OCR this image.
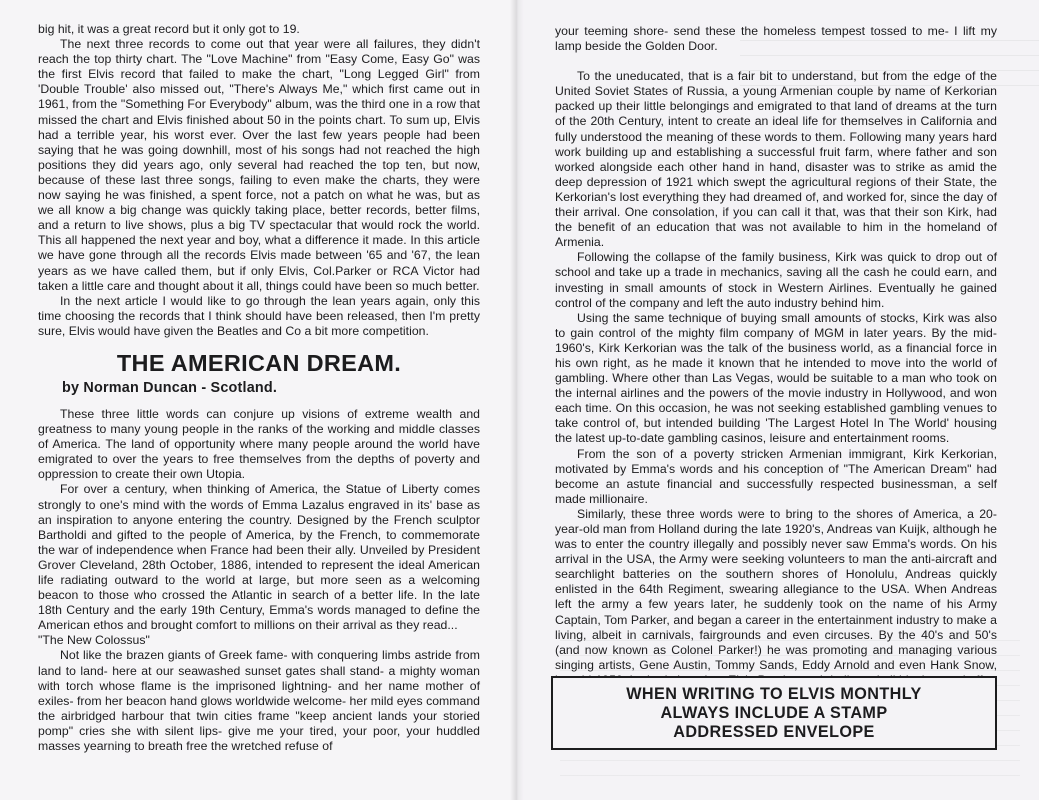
big hit, it was a great record but it only got to 19.

The next three records to come out that year were all failures, they didn't reach the top thirty chart. The "Love Machine" from "Easy Come, Easy Go" was the first Elvis record that failed to make the chart, "Long Legged Girl" from 'Double Trouble' also missed out, "There's Always Me," which first came out in 1961, from the "Something For Everybody" album, was the third one in a row that missed the chart and Elvis finished about 50 in the points chart. To sum up, Elvis had a terrible year, his worst ever. Over the last few years people had been saying that he was going downhill, most of his songs had not reached the high positions they did years ago, only several had reached the top ten, but now, because of these last three songs, failing to even make the charts, they were now saying he was finished, a spent force, not a patch on what he was, but as we all know a big change was quickly taking place, better records, better films, and a return to live shows, plus a big TV spectacular that would rock the world. This all happened the next year and boy, what a difference it made. In this article we have gone through all the records Elvis made between '65 and '67, the lean years as we have called them, but if only Elvis, Col.Parker or RCA Victor had taken a little care and thought about it all, things could have been so much better.

In the next article I would like to go through the lean years again, only this time choosing the records that I think should have been released, then I'm pretty sure, Elvis would have given the Beatles and Co a bit more competition.

THE AMERICAN DREAM.
by Norman Duncan - Scotland.

These three little words can conjure up visions of extreme wealth and greatness to many young people in the ranks of the working and middle classes of America. The land of opportunity where many people around the world have emigrated to over the years to free themselves from the depths of poverty and oppression to create their own Utopia.

For over a century, when thinking of America, the Statue of Liberty comes strongly to one's mind with the words of Emma Lazalus engraved in its' base as an inspiration to anyone entering the country. Designed by the French sculptor Bartholdi and gifted to the people of America, by the French, to commemorate the war of independence when France had been their ally. Unveiled by President Grover Cleveland, 28th October, 1886, intended to represent the ideal American life radiating outward to the world at large, but more seen as a welcoming beacon to those who crossed the Atlantic in search of a better life. In the late 18th Century and the early 19th Century, Emma's words managed to define the American ethos and brought comfort to millions on their arrival as they read...

"The New Colossus"

Not like the brazen giants of Greek fame- with conquering limbs astride from land to land- here at our seawashed sunset gates shall stand- a mighty woman with torch whose flame is the imprisoned lightning- and her name mother of exiles- from her beacon hand glows worldwide welcome- her mild eyes command the airbridged harbour that twin cities frame "keep ancient lands your storied pomp" cries she with silent lips- give me your tired, your poor, your huddled masses yearning to breath free the wretched refuse of

your teeming shore- send these the homeless tempest tossed to me- I lift my lamp beside the Golden Door.

To the uneducated, that is a fair bit to understand, but from the edge of the United Soviet States of Russia, a young Armenian couple by name of Kerkorian packed up their little belongings and emigrated to that land of dreams at the turn of the 20th Century, intent to create an ideal life for themselves in California and fully understood the meaning of these words to them. Following many years hard work building up and establishing a successful fruit farm, where father and son worked alongside each other hand in hand, disaster was to strike as amid the deep depression of 1921 which swept the agricultural regions of their State, the Kerkorian's lost everything they had dreamed of, and worked for, since the day of their arrival. One consolation, if you can call it that, was that their son Kirk, had the benefit of an education that was not available to him in the homeland of Armenia.

Following the collapse of the family business, Kirk was quick to drop out of school and take up a trade in mechanics, saving all the cash he could earn, and investing in small amounts of stock in Western Airlines. Eventually he gained control of the company and left the auto industry behind him.

Using the same technique of buying small amounts of stocks, Kirk was also to gain control of the mighty film company of MGM in later years. By the mid-1960's, Kirk Kerkorian was the talk of the business world, as a financial force in his own right, as he made it known that he intended to move into the world of gambling. Where other than Las Vegas, would be suitable to a man who took on the internal airlines and the powers of the movie industry in Hollywood, and won each time. On this occasion, he was not seeking established gambling venues to take control of, but intended building 'The Largest Hotel In The World' housing the latest up-to-date gambling casinos, leisure and entertainment rooms.

From the son of a poverty stricken Armenian immigrant, Kirk Kerkorian, motivated by Emma's words and his conception of "The American Dream" had become an astute financial and successfully respected businessman, a self made millionaire.

Similarly, these three words were to bring to the shores of America, a 20-year-old man from Holland during the late 1920's, Andreas van Kuijk, although he was to enter the country illegally and possibly never saw Emma's words. On his arrival in the USA, the Army were seeking volunteers to man the anti-aircraft and searchlight batteries on the southern shores of Honolulu, Andreas quickly enlisted in the 64th Regiment, swearing allegiance to the USA. When Andreas left the army a few years later, he suddenly took on the name of his Army Captain, Tom Parker, and began a career in the entertainment industry to make a living, albeit in carnivals, fairgrounds and even circuses. By the 40's and 50's (and now known as Colonel Parker!) he was promoting and managing various singing artists, Gene Austin, Tommy Sands, Eddy Arnold and even Hank Snow,

WHEN WRITING TO ELVIS MONTHLY
ALWAYS INCLUDE A STAMP
ADDRESSED ENVELOPE
